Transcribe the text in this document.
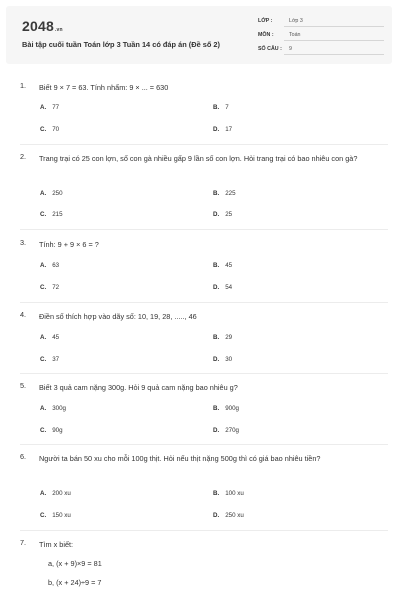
2048.vn
Bài tập cuối tuần Toán lớp 3 Tuần 14 có đáp án (Đề số 2)
LỚP :	Lớp 3
MÔN :	Toán
SỐ CÂU :	9
1. Biết 9 × 7 = 63. Tính nhẩm: 9 × ... = 630
A. 77	B. 7
C. 70	D. 17
2. Trang trại có 25 con lợn, số con gà nhiều gấp 9 lần số con lợn. Hỏi trang trại có bao nhiêu con gà?
A. 250	B. 225
C. 215	D. 25
3. Tính: 9 + 9 × 6 = ?
A. 63	B. 45
C. 72	D. 54
4. Điền số thích hợp vào dãy số: 10, 19, 28, ....., 46
A. 45	B. 29
C. 37	D. 30
5. Biết 3 quả cam nặng 300g. Hỏi 9 quả cam nặng bao nhiêu g?
A. 300g	B. 900g
C. 90g	D. 270g
6. Người ta bán 50 xu cho mỗi 100g thịt. Hỏi nếu thịt nặng 500g thì có giá bao nhiêu tiền?
A. 200 xu	B. 100 xu
C. 150 xu	D. 250 xu
7. Tìm x biết:
a, (x + 9)×9 = 81
b, (x + 24)÷9 = 7
